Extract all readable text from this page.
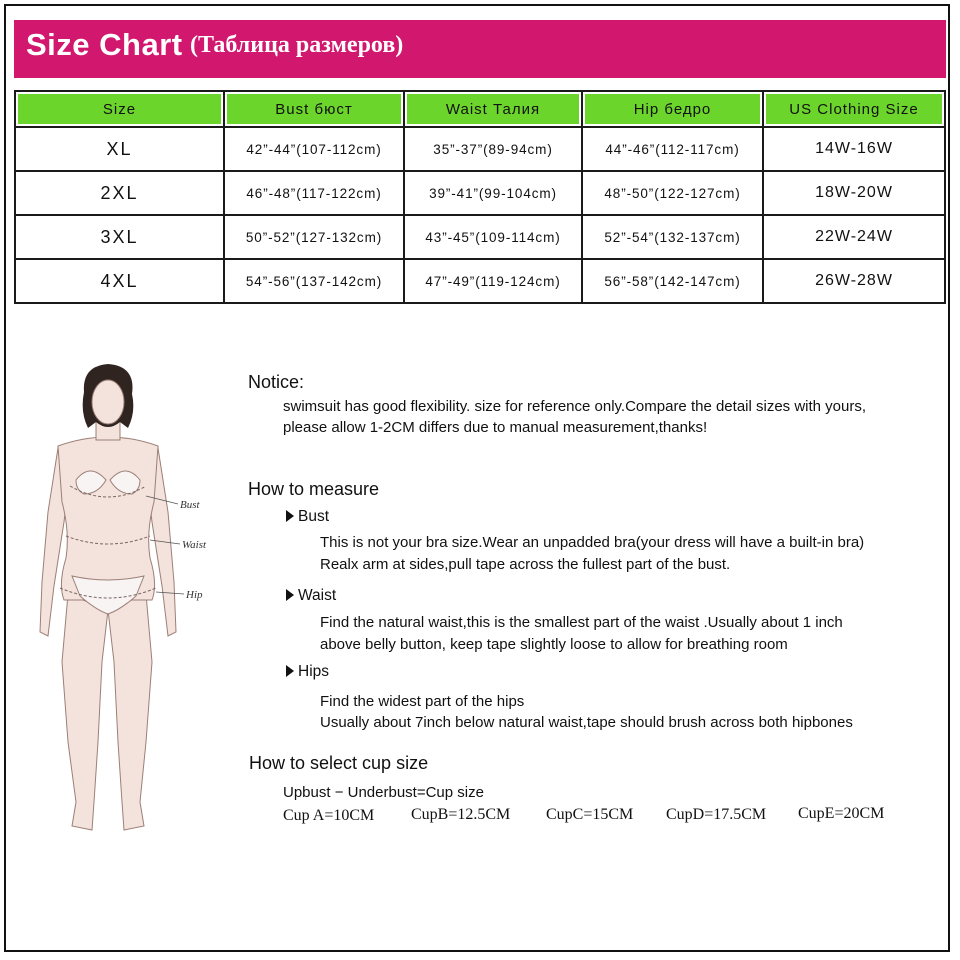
Size Chart (Таблица размеров)
Size	Bust бюст	Waist Талия	Hip бедро	US Clothing Size
XL	42”-44”(107-112cm)	35”-37”(89-94cm)	44”-46”(112-117cm)	14W-16W
2XL	46”-48”(117-122cm)	39”-41”(99-104cm)	48”-50”(122-127cm)	18W-20W
3XL	50”-52”(127-132cm)	43”-45”(109-114cm)	52”-54”(132-137cm)	22W-24W
4XL	54”-56”(137-142cm)	47”-49”(119-124cm)	56”-58”(142-147cm)	26W-28W
Bust
Waist
Hip
Notice:
swimsuit has good flexibility. size for reference only.Compare the detail sizes with yours,
please allow 1-2CM differs due to manual measurement,thanks!
How to measure
Bust
This is not your bra size.Wear an unpadded bra(your dress will have a built-in bra)
Realx arm at sides,pull tape across the fullest part of the bust.
Waist
Find the natural waist,this is the smallest part of the waist .Usually about 1 inch
above belly button, keep tape slightly loose to allow for breathing room
Hips
Find the widest part of the hips
Usually about 7inch below natural waist,tape should brush across both hipbones
How to select cup size
Upbust − Underbust=Cup size
Cup A=10CM CupB=12.5CM CupC=15CM CupD=17.5CM CupE=20CM
